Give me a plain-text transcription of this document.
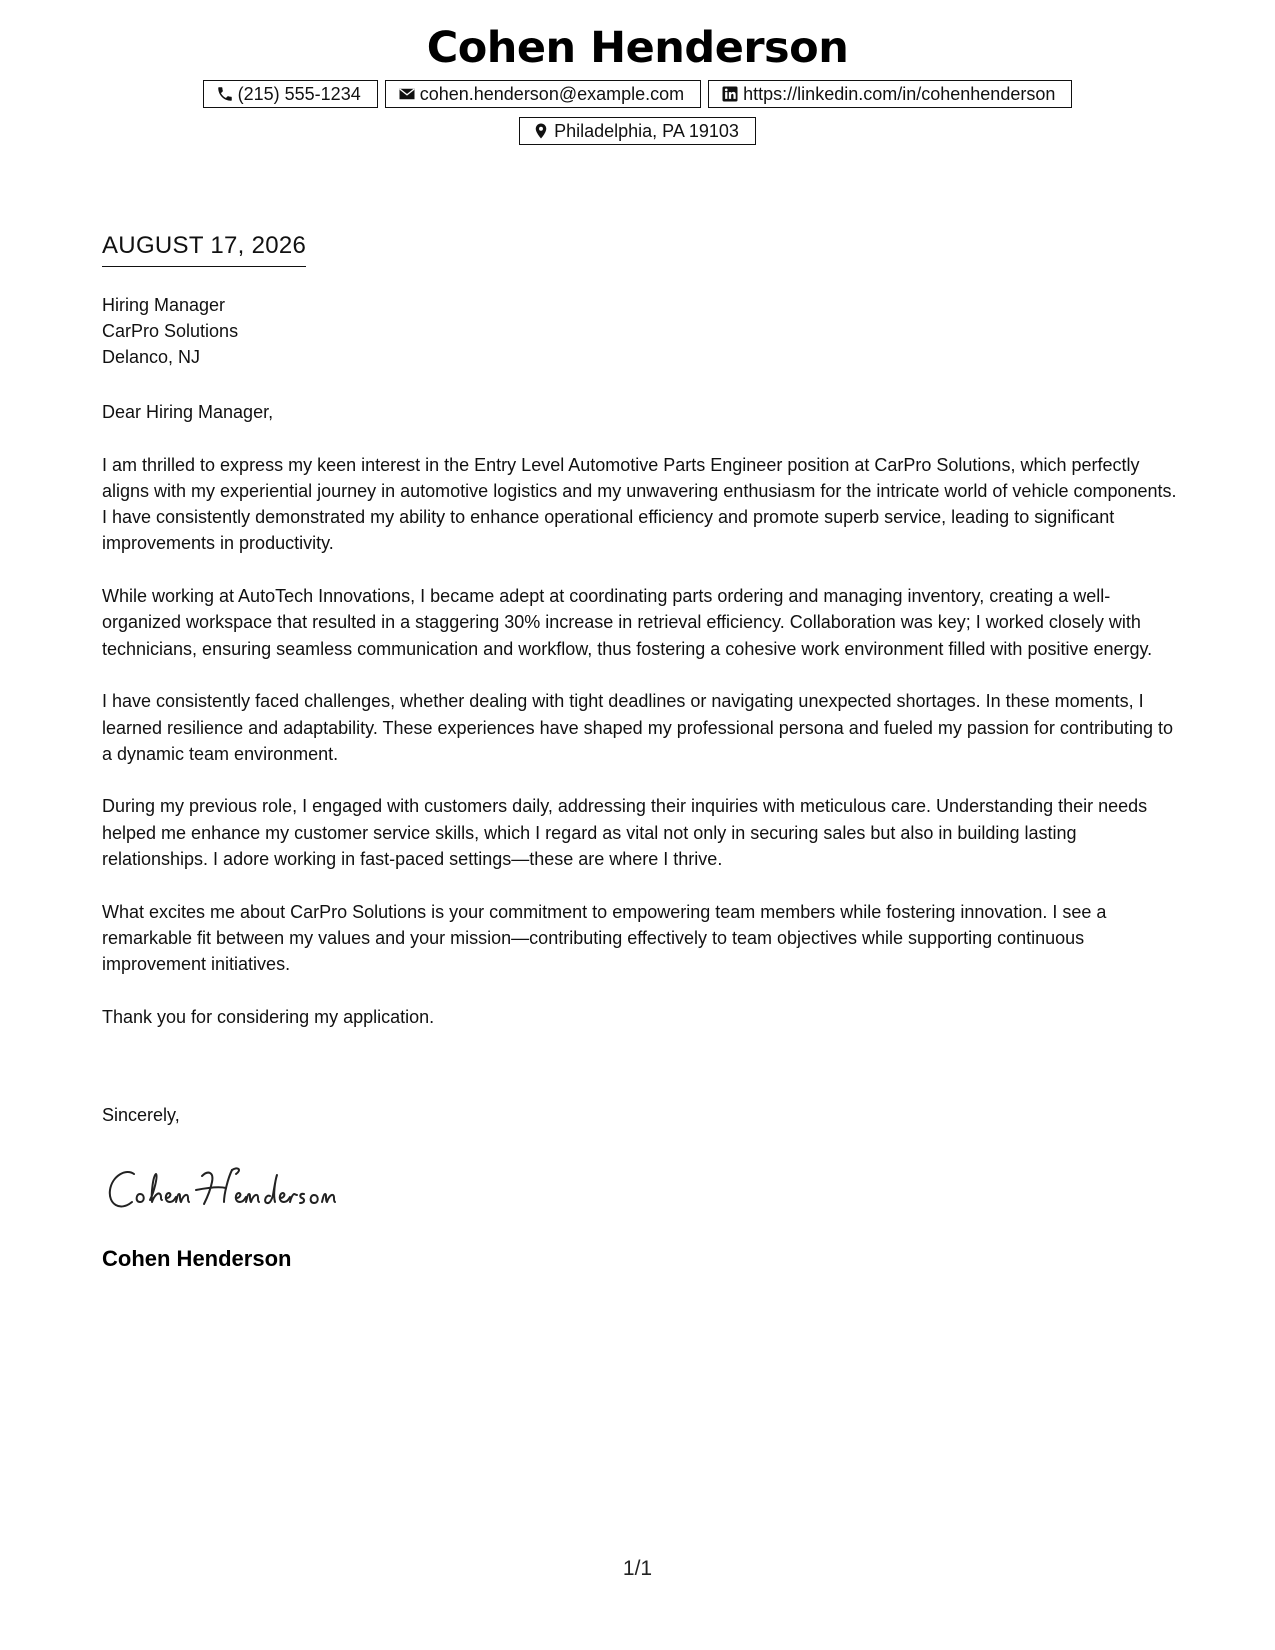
Cohen Henderson
(215) 555-1234	cohen.henderson@example.com	https://linkedin.com/in/cohenhenderson
Philadelphia, PA 19103
AUGUST 17, 2026
Hiring Manager
CarPro Solutions
Delanco, NJ

Dear Hiring Manager,

I am thrilled to express my keen interest in the Entry Level Automotive Parts Engineer position at CarPro Solutions, which perfectly aligns with my experiential journey in automotive logistics and my unwavering enthusiasm for the intricate world of vehicle components. I have consistently demonstrated my ability to enhance operational efficiency and promote superb service, leading to significant improvements in productivity.

While working at AutoTech Innovations, I became adept at coordinating parts ordering and managing inventory, creating a well-organized workspace that resulted in a staggering 30% increase in retrieval efficiency. Collaboration was key; I worked closely with technicians, ensuring seamless communication and workflow, thus fostering a cohesive work environment filled with positive energy.

I have consistently faced challenges, whether dealing with tight deadlines or navigating unexpected shortages. In these moments, I learned resilience and adaptability. These experiences have shaped my professional persona and fueled my passion for contributing to a dynamic team environment.

During my previous role, I engaged with customers daily, addressing their inquiries with meticulous care. Understanding their needs helped me enhance my customer service skills, which I regard as vital not only in securing sales but also in building lasting relationships. I adore working in fast-paced settings—these are where I thrive.

What excites me about CarPro Solutions is your commitment to empowering team members while fostering innovation. I see a remarkable fit between my values and your mission—contributing effectively to team objectives while supporting continuous improvement initiatives.

Thank you for considering my application.

Sincerely,
Cohen Henderson
1/1
